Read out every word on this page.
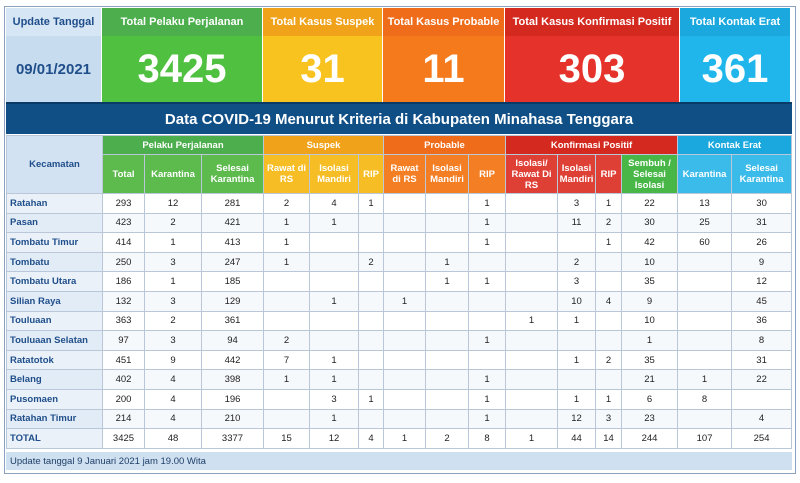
Update Tanggal
09/01/2021
Total Pelaku Perjalanan
3425
Total Kasus Suspek
31
Total Kasus Probable
11
Total Kasus Konfirmasi Positif
303
Total Kontak Erat
361
Data COVID-19 Menurut Kriteria di Kabupaten Minahasa Tenggara
Kecamatan	Pelaku Perjalanan			Suspek			Probable			Konfirmasi Positif				Kontak Erat	
	Total	Karantina	Selesai Karantina	Rawat di RS	Isolasi Mandiri	RIP	Rawat di RS	Isolasi Mandiri	RIP	Isolasi/ Rawat Di RS	Isolasi Mandiri	RIP	Sembuh / Selesai Isolasi	Karantina	Selesai Karantina
Ratahan	293	12	281	2	4	1			1		3	1	22	13	30
Pasan	423	2	421	1	1				1		11	2	30	25	31
Tombatu Timur	414	1	413	1					1			1	42	60	26
Tombatu	250	3	247	1		2		1			2		10		9
Tombatu Utara	186	1	185					1	1		3		35		12
Silian Raya	132	3	129		1		1				10	4	9		45
Touluaan	363	2	361							1	1		10		36
Touluaan Selatan	97	3	94	2					1				1		8
Ratatotok	451	9	442	7	1						1	2	35		31
Belang	402	4	398	1	1				1				21	1	22
Pusomaen	200	4	196		3	1			1		1	1	6	8	
Ratahan Timur	214	4	210		1				1		12	3	23		4
TOTAL	3425	48	3377	15	12	4	1	2	8	1	44	14	244	107	254
Update tanggal 9 Januari 2021 jam 19.00 Wita
